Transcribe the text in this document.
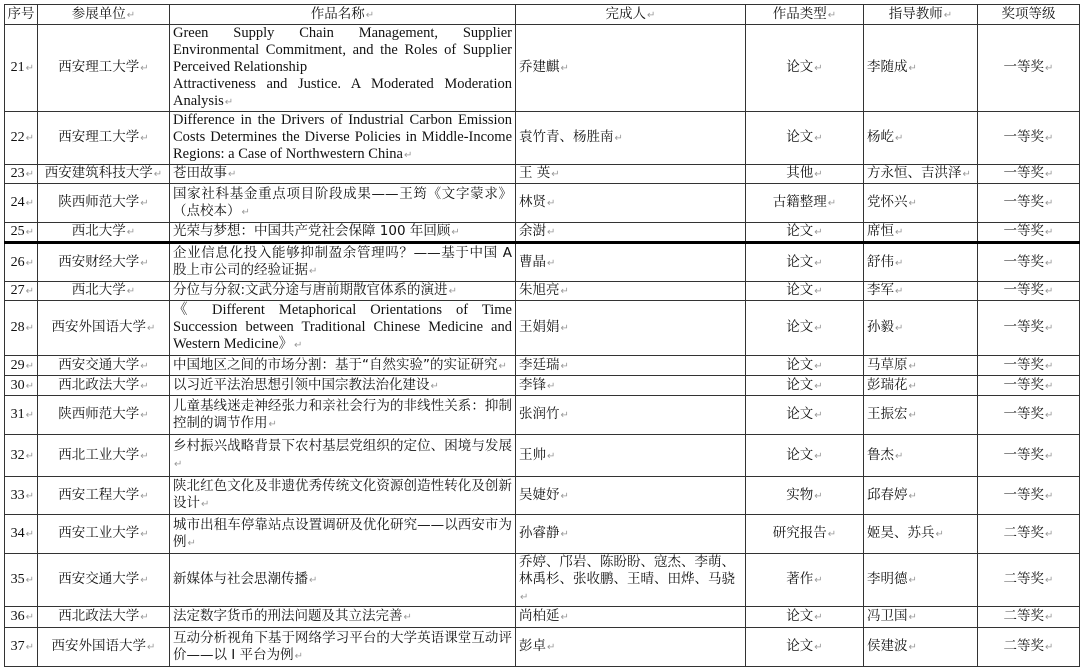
序号	参展单位 ↵	作品名称 ↵	完成人 ↵	作品类型 ↵	指导教师 ↵	奖项等级
21 ↵	西安理工大学 ↵	Green Supply Chain Management, Supplier Environmental Commitment, and the Roles of Supplier Perceived Relationship
Attractiveness and Justice. A Moderated Moderation Analysis ↵	乔建麒 ↵	论文 ↵	李随成 ↵	一等奖 ↵
22 ↵	西安理工大学 ↵	Difference in the Drivers of Industrial Carbon Emission Costs Determines the Diverse Policies in Middle-Income Regions: a Case of Northwestern China ↵	袁竹青、杨胜南 ↵	论文 ↵	杨屹 ↵	一等奖 ↵
23 ↵	西安建筑科技大学 ↵	苍田故事 ↵	王 英 ↵	其他 ↵	方永恒、吉洪泽 ↵	一等奖 ↵
24 ↵	陕西师范大学 ↵	国家社科基金重点项目阶段成果——王筠《文字蒙求》（点校本） ↵	林贤 ↵	古籍整理 ↵	党怀兴 ↵	一等奖 ↵
25 ↵	西北大学 ↵	光荣与梦想：中国共产党社会保障 100 年回顾 ↵	余澍 ↵	论文 ↵	席恒 ↵	一等奖 ↵
26 ↵	西安财经大学 ↵	企业信息化投入能够抑制盈余管理吗？——基于中国 A 股上市公司的经验证据 ↵	曹晶 ↵	论文 ↵	舒伟 ↵	一等奖 ↵
27 ↵	西北大学 ↵	分位与分叙:文武分途与唐前期散官体系的演进 ↵	朱旭亮 ↵	论文 ↵	李军 ↵	一等奖 ↵
28 ↵	西安外国语大学 ↵	《 Different Metaphorical Orientations of Time Succession between Traditional Chinese Medicine and Western Medicine》 ↵	王娟娟 ↵	论文 ↵	孙毅 ↵	一等奖 ↵
29 ↵	西安交通大学 ↵	中国地区之间的市场分割：基于“自然实验”的实证研究 ↵	李廷瑞 ↵	论文 ↵	马草原 ↵	一等奖 ↵
30 ↵	西北政法大学 ↵	以习近平法治思想引领中国宗教法治化建设 ↵	李锋 ↵	论文 ↵	彭瑞花 ↵	一等奖 ↵
31 ↵	陕西师范大学 ↵	儿童基线迷走神经张力和亲社会行为的非线性关系：抑制控制的调节作用 ↵	张润竹 ↵	论文 ↵	王振宏 ↵	一等奖 ↵
32 ↵	西北工业大学 ↵	乡村振兴战略背景下农村基层党组织的定位、困境与发展 ↵	王帅 ↵	论文 ↵	鲁杰 ↵	一等奖 ↵
33 ↵	西安工程大学 ↵	陕北红色文化及非遗优秀传统文化资源创造性转化及创新设计 ↵	吴婕妤 ↵	实物 ↵	邱春婷 ↵	一等奖 ↵
34 ↵	西安工业大学 ↵	城市出租车停靠站点设置调研及优化研究——以西安市为例 ↵	孙睿静 ↵	研究报告 ↵	姬昊、苏兵 ↵	二等奖 ↵
35 ↵	西安交通大学 ↵	新媒体与社会思潮传播 ↵	乔婷、邝岩、陈盼盼、寇杰、李萌、林禹杉、张收鹏、王晴、田烨、马骁 ↵	著作 ↵	李明德 ↵	二等奖 ↵
36 ↵	西北政法大学 ↵	法定数字货币的刑法问题及其立法完善 ↵	尚柏延 ↵	论文 ↵	冯卫国 ↵	二等奖 ↵
37 ↵	西安外国语大学 ↵	互动分析视角下基于网络学习平台的大学英语课堂互动评价——以 I 平台为例 ↵	彭卓 ↵	论文 ↵	侯建波 ↵	二等奖 ↵
